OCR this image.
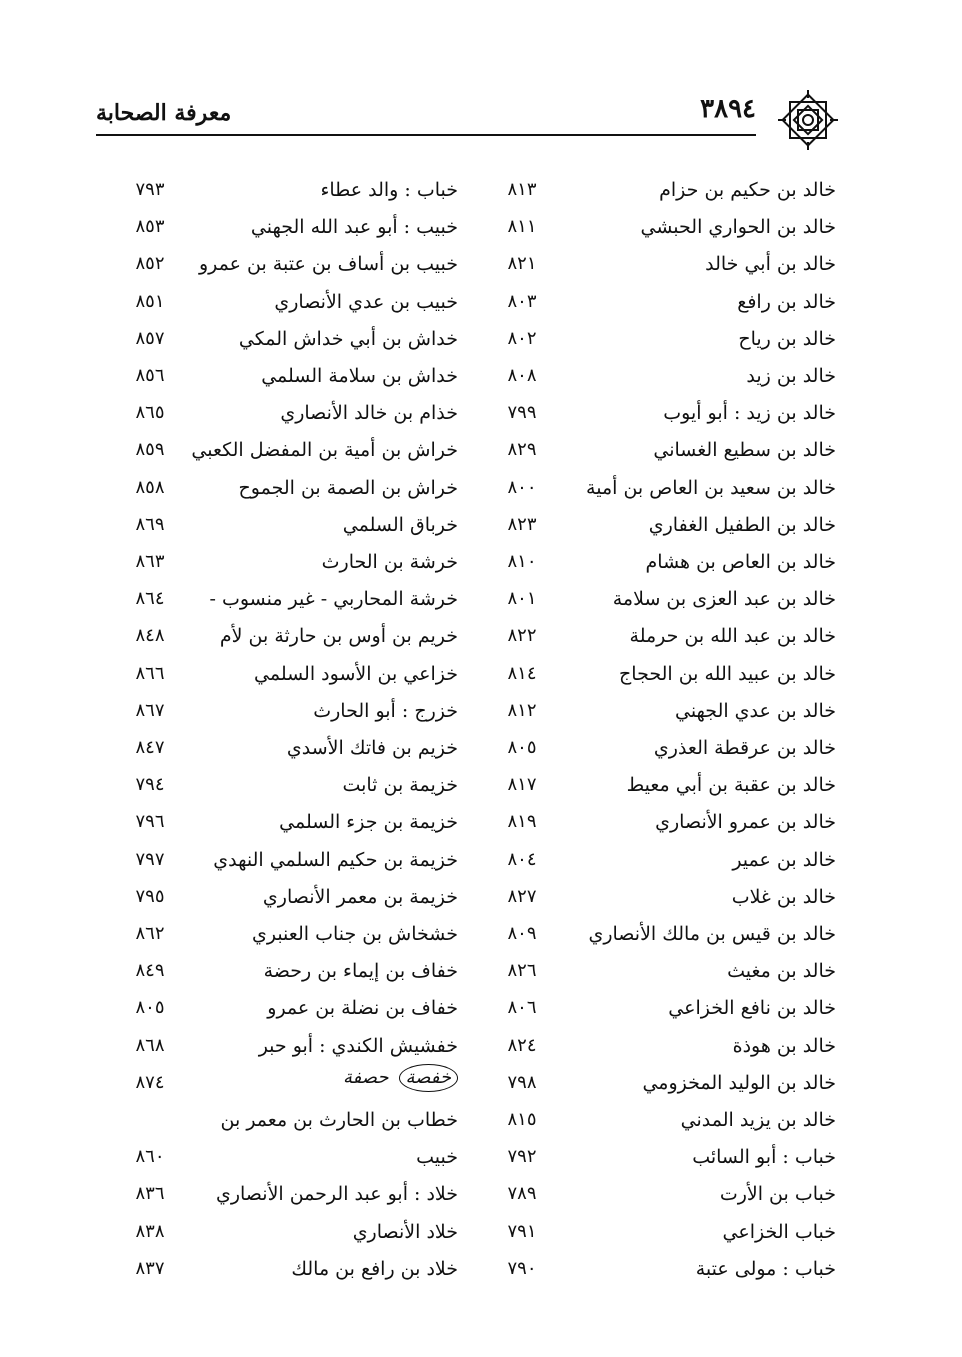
٣٨٩٤
معرفة الصحابة
خالد بن حكيم بن حزام
٨١٣
خباب : والد عطاء
٧٩٣
خالد بن الحواري الحبشي
٨١١
خبيب : أبو عبد الله الجهني
٨٥٣
خالد بن أبي خالد
٨٢١
خبيب بن أساف بن عتبة بن عمرو
٨٥٢
خالد بن رافع
٨٠٣
خبيب بن عدي الأنصاري
٨٥١
خالد بن رياح
٨٠٢
خداش بن أبي خداش المكي
٨٥٧
خالد بن زيد
٨٠٨
خداش بن سلامة السلمي
٨٥٦
خالد بن زيد : أبو أيوب
٧٩٩
خذام بن خالد الأنصاري
٨٦٥
خالد بن سطيع الغساني
٨٢٩
خراش بن أمية بن المفضل الكعبي
٨٥٩
خالد بن سعيد بن العاص بن أمية
٨٠٠
خراش بن الصمة بن الجموح
٨٥٨
خالد بن الطفيل الغفاري
٨٢٣
خرباق السلمي
٨٦٩
خالد بن العاص بن هشام
٨١٠
خرشة بن الحارث
٨٦٣
خالد بن عبد العزى بن سلامة
٨٠١
خرشة المحاربي - غير منسوب -
٨٦٤
خالد بن عبد الله بن حرملة
٨٢٢
خريم بن أوس بن حارثة بن لأم
٨٤٨
خالد بن عبيد الله بن الحجاج
٨١٤
خزاعي بن الأسود السلمي
٨٦٦
خالد بن عدي الجهني
٨١٢
خزرج : أبو الحارث
٨٦٧
خالد بن عرقطة العذري
٨٠٥
خزيم بن فاتك الأسدي
٨٤٧
خالد بن عقبة بن أبي معيط
٨١٧
خزيمة بن ثابت
٧٩٤
خالد بن عمرو الأنصاري
٨١٩
خزيمة بن جزء السلمي
٧٩٦
خالد بن عمير
٨٠٤
خزيمة بن حكيم السلمي النهدي
٧٩٧
خالد بن غلاب
٨٢٧
خزيمة بن معمر الأنصاري
٧٩٥
خالد بن قيس بن مالك الأنصاري
٨٠٩
خشخاش بن جناب العنبري
٨٦٢
خالد بن مغيث
٨٢٦
خفاف بن إيماء بن رحضة
٨٤٩
خالد بن نافع الخزاعي
٨٠٦
خفاف بن نضلة بن عمرو
٨٠٥
خالد بن هوذة
٨٢٤
خفشيش الكندي : أبو حبر
٨٦٨
خالد بن الوليد المخزومي
٧٩٨
خفصةحصفة
٨٧٤
خالد بن يزيد المدني
٨١٥
خطاب بن الحارث بن معمر بن
خباب : أبو السائب
٧٩٢
خبيب
٨٦٠
خباب بن الأرت
٧٨٩
خلاد : أبو عبد الرحمن الأنصاري
٨٣٦
خباب الخزاعي
٧٩١
خلاد الأنصاري
٨٣٨
خباب : مولى عتبة
٧٩٠
خلاد بن رافع بن مالك
٨٣٧
